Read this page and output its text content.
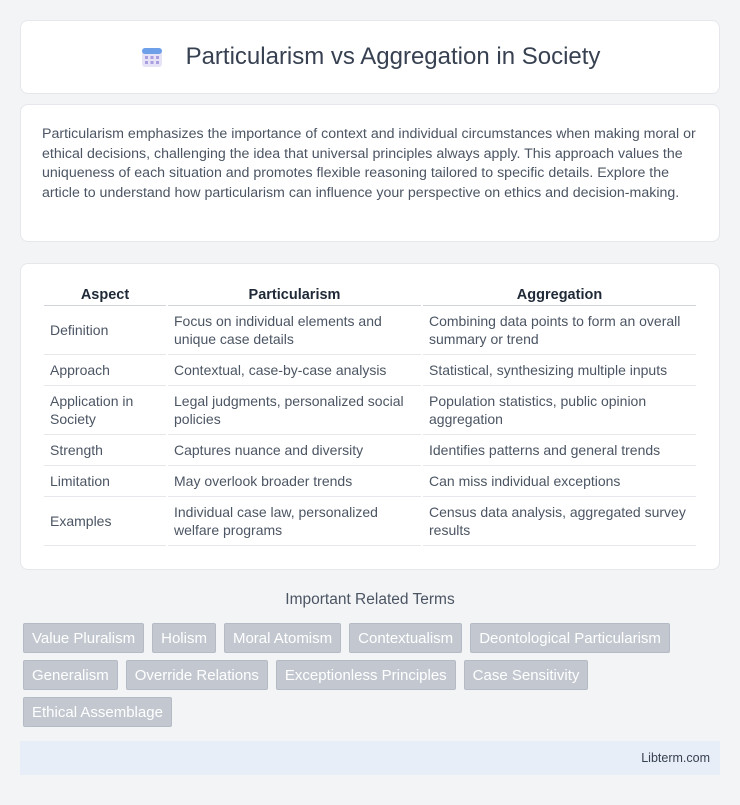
Particularism vs Aggregation in Society

Particularism emphasizes the importance of context and individual circumstances when making moral or ethical decisions, challenging the idea that universal principles always apply. This approach values the uniqueness of each situation and promotes flexible reasoning tailored to specific details. Explore the article to understand how particularism can influence your perspective on ethics and decision-making.

Aspect	Particularism	Aggregation
Definition	Focus on individual elements and unique case details	Combining data points to form an overall summary or trend
Approach	Contextual, case-by-case analysis	Statistical, synthesizing multiple inputs
Application in Society	Legal judgments, personalized social policies	Population statistics, public opinion aggregation
Strength	Captures nuance and diversity	Identifies patterns and general trends
Limitation	May overlook broader trends	Can miss individual exceptions
Examples	Individual case law, personalized welfare programs	Census data analysis, aggregated survey results
Important Related Terms
Value Pluralism	Holism	Moral Atomism	Contextualism	Deontological Particularism
Generalism	Override Relations	Exceptionless Principles	Case Sensitivity
Ethical Assemblage
Libterm.com
